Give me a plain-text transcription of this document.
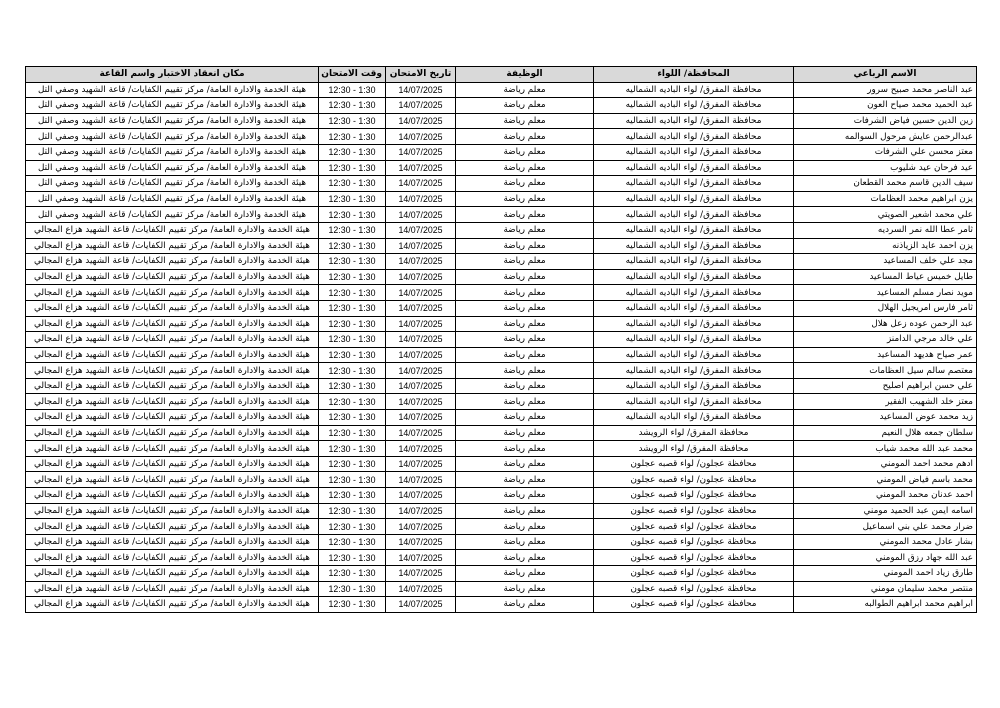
الاسم الرباعي	المحافظة/ اللواء	الوظيفة	تاريخ الامتحان	وقت الامتحان	مكان انعقاد الاختبار واسم القاعة
عبد الناصر محمد صبيح سرور	محافظة المفرق/ لواء الباديه الشماليه	معلم رياضة	14/07/2025	12:30 - 1:30	هيئة الخدمة والادارة العامة/ مركز تقييم الكفايات/ قاعة الشهيد وصفي التل
عبد الحميد محمد صياح العون	محافظة المفرق/ لواء الباديه الشماليه	معلم رياضة	14/07/2025	12:30 - 1:30	هيئة الخدمة والادارة العامة/ مركز تقييم الكفايات/ قاعة الشهيد وصفي التل
زين الدين حسين فياض الشرفات	محافظة المفرق/ لواء الباديه الشماليه	معلم رياضة	14/07/2025	12:30 - 1:30	هيئة الخدمة والادارة العامة/ مركز تقييم الكفايات/ قاعة الشهيد وصفي التل
عبدالرحمن عايش مرحول السوالمه	محافظة المفرق/ لواء الباديه الشماليه	معلم رياضة	14/07/2025	12:30 - 1:30	هيئة الخدمة والادارة العامة/ مركز تقييم الكفايات/ قاعة الشهيد وصفي التل
معتز محسن علي الشرفات	محافظة المفرق/ لواء الباديه الشماليه	معلم رياضة	14/07/2025	12:30 - 1:30	هيئة الخدمة والادارة العامة/ مركز تقييم الكفايات/ قاعة الشهيد وصفي التل
عيد فرحان عيد شليوب	محافظة المفرق/ لواء الباديه الشماليه	معلم رياضة	14/07/2025	12:30 - 1:30	هيئة الخدمة والادارة العامة/ مركز تقييم الكفايات/ قاعة الشهيد وصفي التل
سيف الدين قاسم محمد القطعان	محافظة المفرق/ لواء الباديه الشماليه	معلم رياضة	14/07/2025	12:30 - 1:30	هيئة الخدمة والادارة العامة/ مركز تقييم الكفايات/ قاعة الشهيد وصفي التل
يزن ابراهيم محمد العظامات	محافظة المفرق/ لواء الباديه الشماليه	معلم رياضة	14/07/2025	12:30 - 1:30	هيئة الخدمة والادارة العامة/ مركز تقييم الكفايات/ قاعة الشهيد وصفي التل
علي محمد اشعير الصويتي	محافظة المفرق/ لواء الباديه الشماليه	معلم رياضة	14/07/2025	12:30 - 1:30	هيئة الخدمة والادارة العامة/ مركز تقييم الكفايات/ قاعة الشهيد وصفي التل
ثامر عطا الله نمر السرديه	محافظة المفرق/ لواء الباديه الشماليه	معلم رياضة	14/07/2025	12:30 - 1:30	هيئة الخدمة والادارة العامة/ مركز تقييم الكفايات/ قاعة الشهيد هزاع المجالي
يزن احمد عايد الزياذنه	محافظة المفرق/ لواء الباديه الشماليه	معلم رياضة	14/07/2025	12:30 - 1:30	هيئة الخدمة والادارة العامة/ مركز تقييم الكفايات/ قاعة الشهيد هزاع المجالي
مجد علي خلف المساعيد	محافظة المفرق/ لواء الباديه الشماليه	معلم رياضة	14/07/2025	12:30 - 1:30	هيئة الخدمة والادارة العامة/ مركز تقييم الكفايات/ قاعة الشهيد هزاع المجالي
طايل خميس عياط المساعيد	محافظة المفرق/ لواء الباديه الشماليه	معلم رياضة	14/07/2025	12:30 - 1:30	هيئة الخدمة والادارة العامة/ مركز تقييم الكفايات/ قاعة الشهيد هزاع المجالي
مويد نصار مسلم المساعيد	محافظة المفرق/ لواء الباديه الشماليه	معلم رياضة	14/07/2025	12:30 - 1:30	هيئة الخدمة والادارة العامة/ مركز تقييم الكفايات/ قاعة الشهيد هزاع المجالي
ثامر فارس امريجيل الهلال	محافظة المفرق/ لواء الباديه الشماليه	معلم رياضة	14/07/2025	12:30 - 1:30	هيئة الخدمة والادارة العامة/ مركز تقييم الكفايات/ قاعة الشهيد هزاع المجالي
عبد الرحمن عوده زعل هلال	محافظة المفرق/ لواء الباديه الشماليه	معلم رياضة	14/07/2025	12:30 - 1:30	هيئة الخدمة والادارة العامة/ مركز تقييم الكفايات/ قاعة الشهيد هزاع المجالي
علي خالد مرجي الدامنز	محافظة المفرق/ لواء الباديه الشماليه	معلم رياضة	14/07/2025	12:30 - 1:30	هيئة الخدمة والادارة العامة/ مركز تقييم الكفايات/ قاعة الشهيد هزاع المجالي
عمر صياح هديهد المساعيد	محافظة المفرق/ لواء الباديه الشماليه	معلم رياضة	14/07/2025	12:30 - 1:30	هيئة الخدمة والادارة العامة/ مركز تقييم الكفايات/ قاعة الشهيد هزاع المجالي
معتصم سالم سيل العظامات	محافظة المفرق/ لواء الباديه الشماليه	معلم رياضة	14/07/2025	12:30 - 1:30	هيئة الخدمة والادارة العامة/ مركز تقييم الكفايات/ قاعة الشهيد هزاع المجالي
علي حسن ابراهيم اصليح	محافظة المفرق/ لواء الباديه الشماليه	معلم رياضة	14/07/2025	12:30 - 1:30	هيئة الخدمة والادارة العامة/ مركز تقييم الكفايات/ قاعة الشهيد هزاع المجالي
معتز خلد الشهيب الفقير	محافظة المفرق/ لواء الباديه الشماليه	معلم رياضة	14/07/2025	12:30 - 1:30	هيئة الخدمة والادارة العامة/ مركز تقييم الكفايات/ قاعة الشهيد هزاع المجالي
زيد محمد عوض المساعيد	محافظة المفرق/ لواء الباديه الشماليه	معلم رياضة	14/07/2025	12:30 - 1:30	هيئة الخدمة والادارة العامة/ مركز تقييم الكفايات/ قاعة الشهيد هزاع المجالي
سلطان جمعه هلال النعيم	محافظة المفرق/ لواء الرويشد	معلم رياضة	14/07/2025	12:30 - 1:30	هيئة الخدمة والادارة العامة/ مركز تقييم الكفايات/ قاعة الشهيد هزاع المجالي
محمد عبد الله محمد شياب	محافظة المفرق/ لواء الرويشد	معلم رياضة	14/07/2025	12:30 - 1:30	هيئة الخدمة والادارة العامة/ مركز تقييم الكفايات/ قاعة الشهيد هزاع المجالي
ادهم محمد احمد المومني	محافظة عجلون/ لواء قصبه عجلون	معلم رياضة	14/07/2025	12:30 - 1:30	هيئة الخدمة والادارة العامة/ مركز تقييم الكفايات/ قاعة الشهيد هزاع المجالي
محمد باسم فياض المومني	محافظة عجلون/ لواء قصبه عجلون	معلم رياضة	14/07/2025	12:30 - 1:30	هيئة الخدمة والادارة العامة/ مركز تقييم الكفايات/ قاعة الشهيد هزاع المجالي
احمد عدنان محمد المومني	محافظة عجلون/ لواء قصبه عجلون	معلم رياضة	14/07/2025	12:30 - 1:30	هيئة الخدمة والادارة العامة/ مركز تقييم الكفايات/ قاعة الشهيد هزاع المجالي
اسامه ايمن عبد الحميد مومني	محافظة عجلون/ لواء قصبه عجلون	معلم رياضة	14/07/2025	12:30 - 1:30	هيئة الخدمة والادارة العامة/ مركز تقييم الكفايات/ قاعة الشهيد هزاع المجالي
ضرار محمد علي بني اسماعيل	محافظة عجلون/ لواء قصبه عجلون	معلم رياضة	14/07/2025	12:30 - 1:30	هيئة الخدمة والادارة العامة/ مركز تقييم الكفايات/ قاعة الشهيد هزاع المجالي
بشار عادل محمد المومني	محافظة عجلون/ لواء قصبه عجلون	معلم رياضة	14/07/2025	12:30 - 1:30	هيئة الخدمة والادارة العامة/ مركز تقييم الكفايات/ قاعة الشهيد هزاع المجالي
عبد الله جهاد رزق المومني	محافظة عجلون/ لواء قصبه عجلون	معلم رياضة	14/07/2025	12:30 - 1:30	هيئة الخدمة والادارة العامة/ مركز تقييم الكفايات/ قاعة الشهيد هزاع المجالي
طارق زياد احمد المومني	محافظة عجلون/ لواء قصبه عجلون	معلم رياضة	14/07/2025	12:30 - 1:30	هيئة الخدمة والادارة العامة/ مركز تقييم الكفايات/ قاعة الشهيد هزاع المجالي
منتصر محمد سليمان مومني	محافظة عجلون/ لواء قصبه عجلون	معلم رياضة	14/07/2025	12:30 - 1:30	هيئة الخدمة والادارة العامة/ مركز تقييم الكفايات/ قاعة الشهيد هزاع المجالي
ابراهيم محمد ابراهيم الطوالبه	محافظة عجلون/ لواء قصبه عجلون	معلم رياضة	14/07/2025	12:30 - 1:30	هيئة الخدمة والادارة العامة/ مركز تقييم الكفايات/ قاعة الشهيد هزاع المجالي
